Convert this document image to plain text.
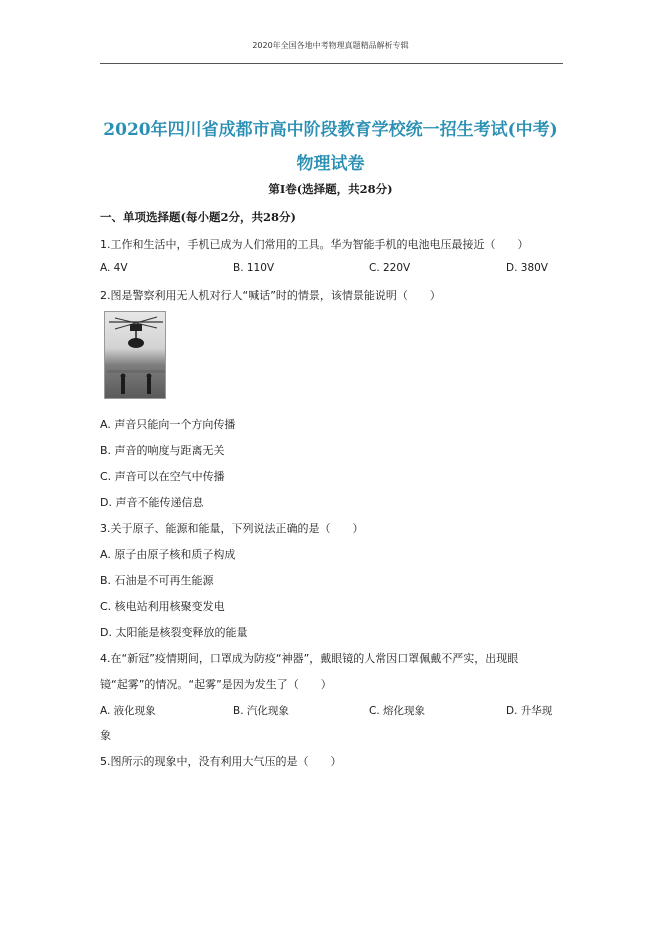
2020年全国各地中考物理真题精品解析专辑
2020年四川省成都市高中阶段教育学校统一招生考试(中考)
物理试卷
第I卷(选择题，共28分)
一、单项选择题(每小题2分，共28分)
1.工作和生活中，手机已成为人们常用的工具。华为智能手机的电池电压最接近（　　）
A. 4V	B. 110V	C. 220V	D. 380V
2.图是警察利用无人机对行人“喊话”时的情景，该情景能说明（　　）
A. 声音只能向一个方向传播
B. 声音的响度与距离无关
C. 声音可以在空气中传播
D. 声音不能传递信息
3.关于原子、能源和能量，下列说法正确的是（　　）
A. 原子由原子核和质子构成
B. 石油是不可再生能源
C. 核电站利用核聚变发电
D. 太阳能是核裂变释放的能量
4.在“新冠”疫情期间，口罩成为防疫“神器”，戴眼镜的人常因口罩佩戴不严实，出现眼
镜“起雾”的情况。“起雾”是因为发生了（　　）
A. 液化现象	B. 汽化现象	C. 熔化现象	D. 升华现
象
5.图所示的现象中，没有利用大气压的是（　　）
